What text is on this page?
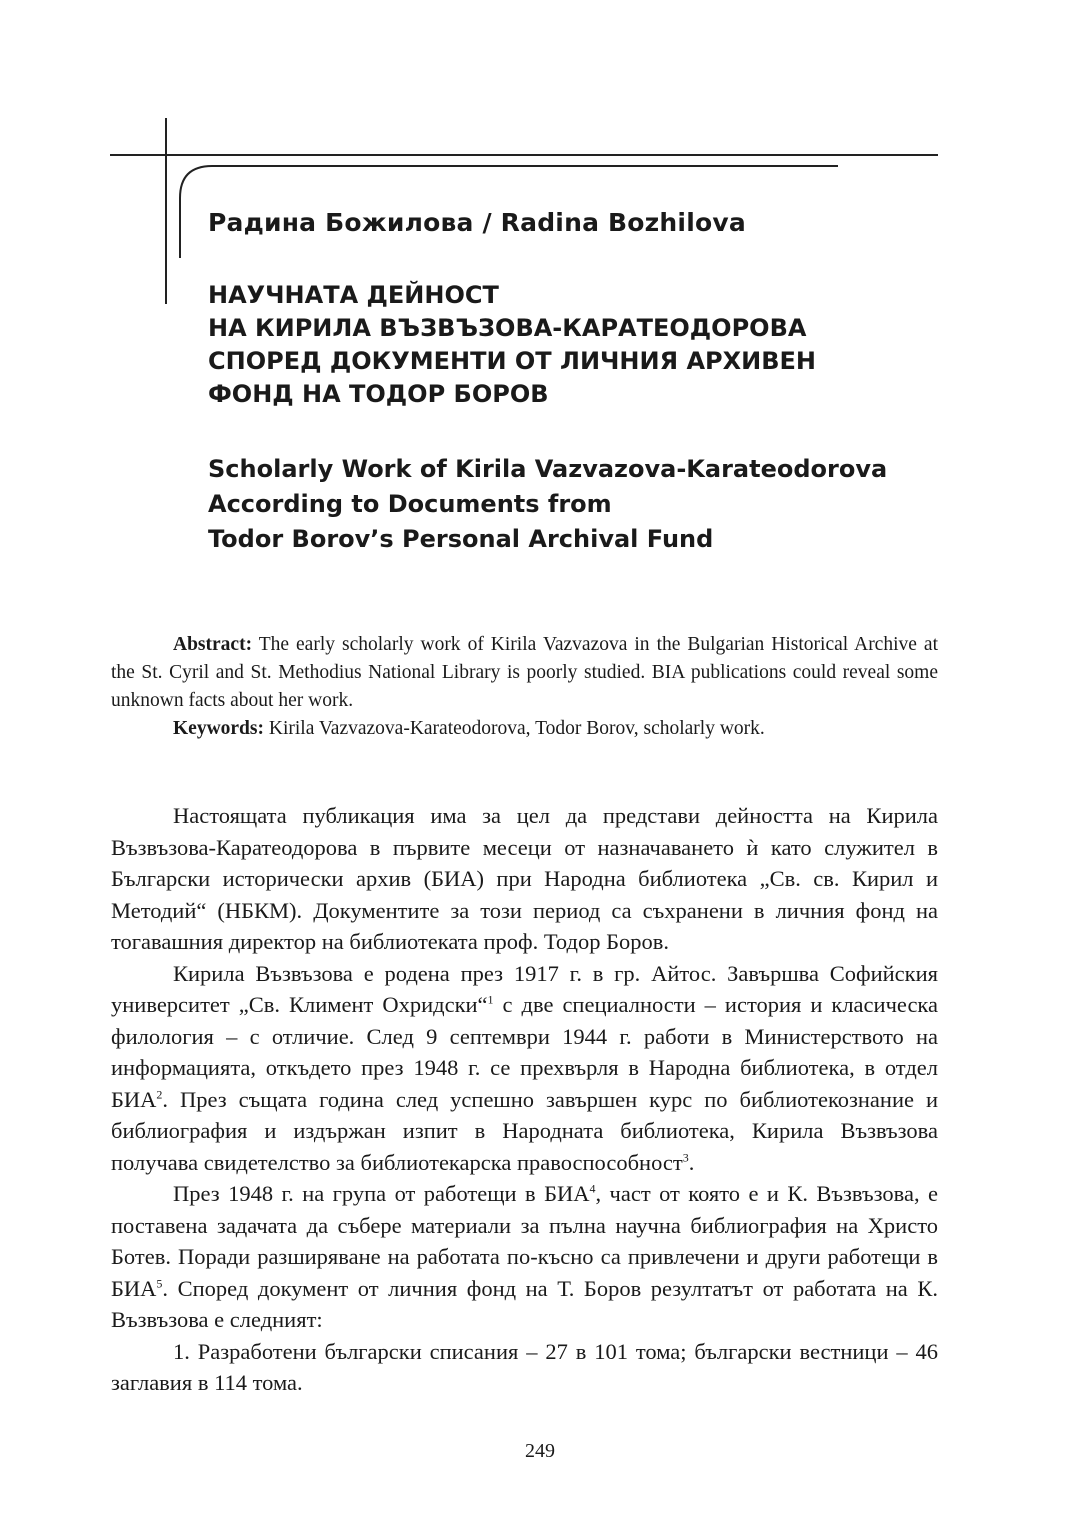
Радина Божилова / Radina Bozhilova
НАУЧНАТА ДЕЙНОСТ
НА КИРИЛА ВЪЗВЪЗОВА-КАРАТЕОДОРОВА
СПОРЕД ДОКУМЕНТИ ОТ ЛИЧНИЯ АРХИВЕН
ФОНД НА ТОДОР БОРОВ
Scholarly Work of Kirila Vazvazova-Karateodorova
According to Documents from
Todor Borov’s Personal Archival Fund

Abstract: The early scholarly work of Kirila Vazvazova in the Bulgarian Historical Archive at the St. Cyril and St. Methodius National Library is poorly studied. BIA publications could reveal some unknown facts about her work.

Keywords: Kirila Vazvazova-Karateodorova, Todor Borov, scholarly work.

Настоящата публикация има за цел да представи дейността на Кирила Възвъзова-Каратеодорова в първите месеци от назначаването ѝ като служител в Български исторически архив (БИА) при Народна библиотека „Св. св. Кирил и Методий“ (НБКМ). Документите за този период са съхранени в личния фонд на тогавашния директор на библиотеката проф. Тодор Боров.

Кирила Възвъзова е родена през 1917 г. в гр. Айтос. Завършва Софийския университет „Св. Климент Охридски“$^1$ с две специалности – история и класическа филология – с отличие. След 9 септември 1944 г. работи в Министерството на информацията, откъдето през 1948 г. се прехвърля в Народна библиотека, в отдел БИА$^2$. През същата година след успешно завършен курс по библиотекознание и библиография и издържан изпит в Народната библиотека, Кирила Възвъзова получава свидетелство за библиотекарска правоспособност$^3$.

През 1948 г. на група от работещи в БИА$^4$, част от която е и К. Възвъзова, е поставена задачата да събере материали за пълна научна библиография на Христо Ботев. Поради разширяване на работата по-късно са привлечени и други работещи в БИА$^5$. Според документ от личния фонд на Т. Боров резултатът от работата на К. Възвъзова е следният:

1. Разработени български списания – 27 в 101 тома; български вестници – 46 заглавия в 114 тома.

249
